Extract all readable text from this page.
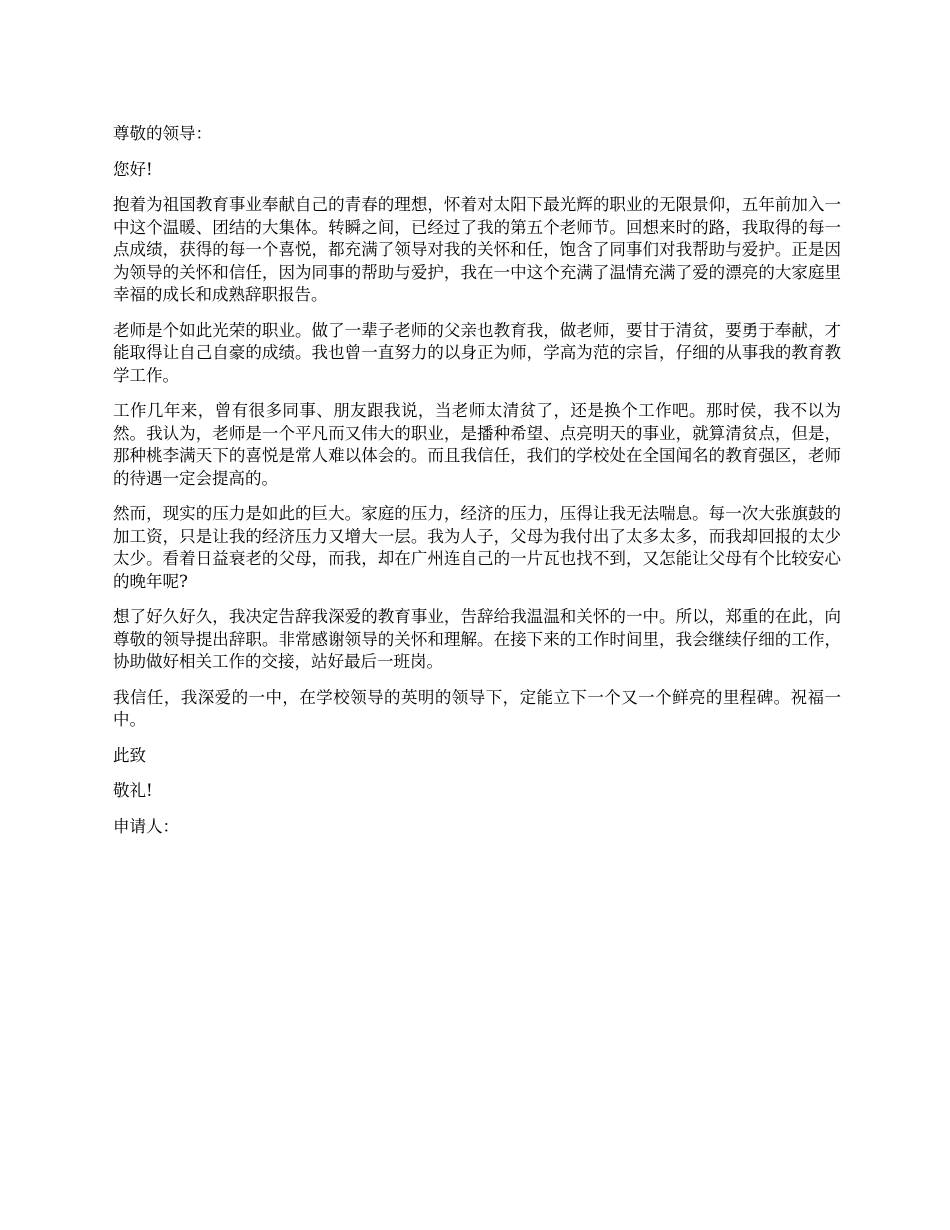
尊敬的领导：

您好!

抱着为祖国教育事业奉献自己的青春的理想，怀着对太阳下最光辉的职业的无限景仰，五年前加入一中这个温暖、团结的大集体。转瞬之间，已经过了我的第五个老师节。回想来时的路，我取得的每一点成绩，获得的每一个喜悦，都充满了领导对我的关怀和任，饱含了同事们对我帮助与爱护。正是因为领导的关怀和信任，因为同事的帮助与爱护，我在一中这个充满了温情充满了爱的漂亮的大家庭里幸福的成长和成熟辞职报告。

老师是个如此光荣的职业。做了一辈子老师的父亲也教育我，做老师，要甘于清贫，要勇于奉献，才能取得让自己自豪的成绩。我也曾一直努力的以身正为师，学高为范的宗旨，仔细的从事我的教育教学工作。

工作几年来，曾有很多同事、朋友跟我说，当老师太清贫了，还是换个工作吧。那时侯，我不以为然。我认为，老师是一个平凡而又伟大的职业，是播种希望、点亮明天的事业，就算清贫点，但是，那种桃李满天下的喜悦是常人难以体会的。而且我信任，我们的学校处在全国闻名的教育强区，老师的待遇一定会提高的。

然而，现实的压力是如此的巨大。家庭的压力，经济的压力，压得让我无法喘息。每一次大张旗鼓的加工资，只是让我的经济压力又增大一层。我为人子，父母为我付出了太多太多，而我却回报的太少太少。看着日益衰老的父母，而我，却在广州连自己的一片瓦也找不到，又怎能让父母有个比较安心的晚年呢?

想了好久好久，我决定告辞我深爱的教育事业，告辞给我温温和关怀的一中。所以，郑重的在此，向尊敬的领导提出辞职。非常感谢领导的关怀和理解。在接下来的工作时间里，我会继续仔细的工作，协助做好相关工作的交接，站好最后一班岗。

我信任，我深爱的一中，在学校领导的英明的领导下，定能立下一个又一个鲜亮的里程碑。祝福一中。

此致

敬礼!

申请人：
